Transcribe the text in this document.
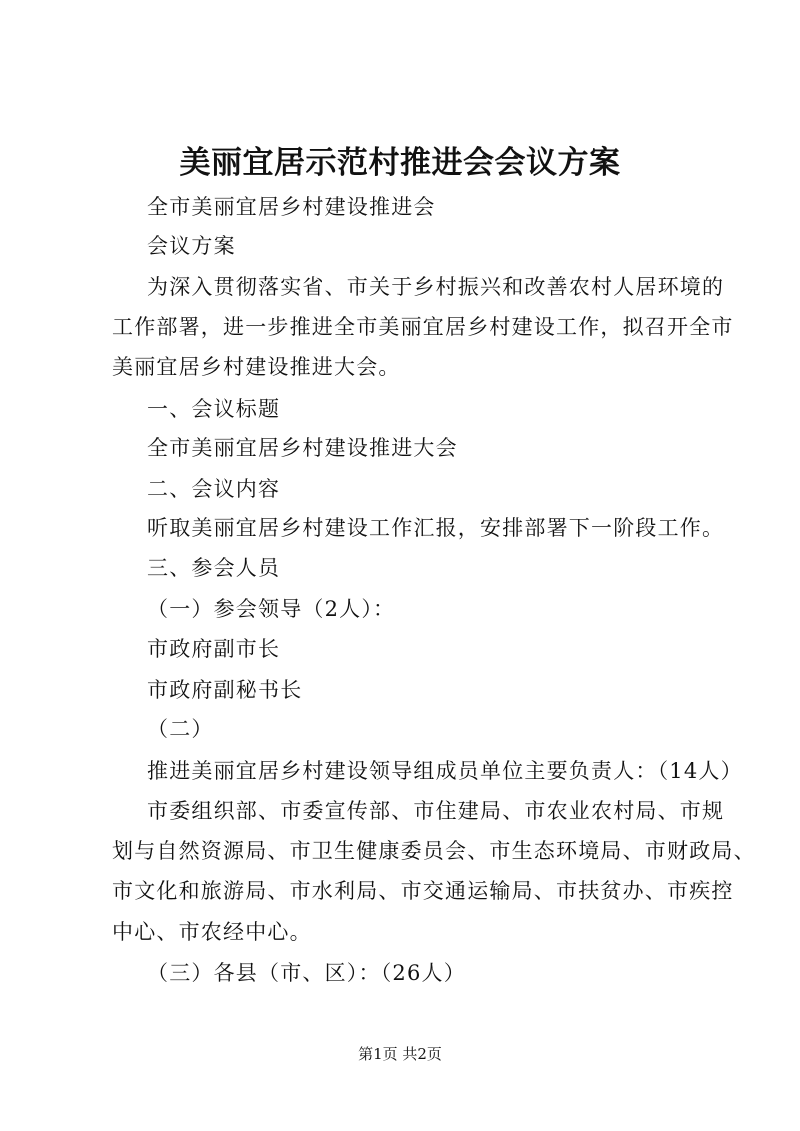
美丽宜居示范村推进会会议方案

全市美丽宜居乡村建设推进会

会议方案

为深入贯彻落实省、市关于乡村振兴和改善农村人居环境的

工作部署，进一步推进全市美丽宜居乡村建设工作，拟召开全市

美丽宜居乡村建设推进大会。

一、会议标题

全市美丽宜居乡村建设推进大会

二、会议内容

听取美丽宜居乡村建设工作汇报，安排部署下一阶段工作。

三、参会人员

（一）参会领导（2人）：

市政府副市长

市政府副秘书长

（二）

推进美丽宜居乡村建设领导组成员单位主要负责人：（14人）

市委组织部、市委宣传部、市住建局、市农业农村局、市规

划与自然资源局、市卫生健康委员会、市生态环境局、市财政局、

市文化和旅游局、市水利局、市交通运输局、市扶贫办、市疾控

中心、市农经中心。

（三）各县（市、区）：（26人）

第1页 共2页
